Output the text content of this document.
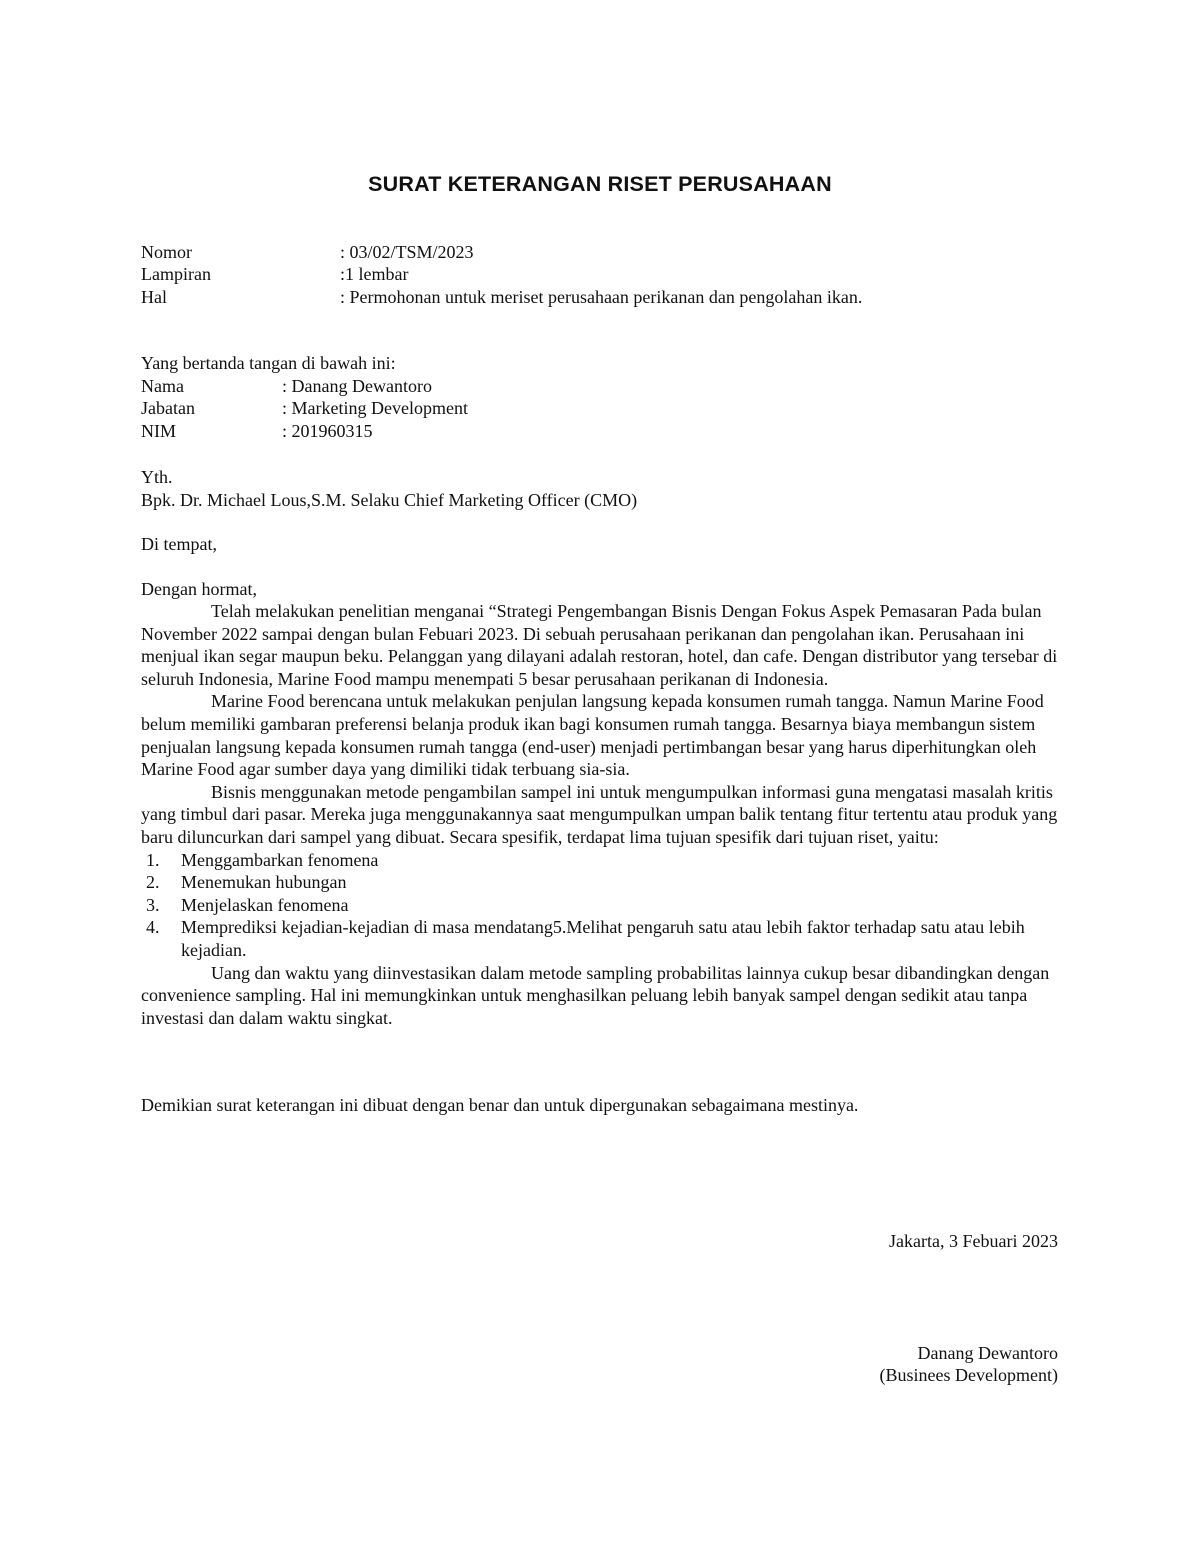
SURAT KETERANGAN RISET PERUSAHAAN
Nomor	: 03/02/TSM/2023
Lampiran	:1 lembar
Hal	: Permohonan untuk meriset perusahaan perikanan dan pengolahan ikan.
Yang bertanda tangan di bawah ini:
Nama	: Danang Dewantoro
Jabatan	: Marketing Development
NIM	: 201960315
Yth.
Bpk. Dr. Michael Lous,S.M. Selaku Chief Marketing Officer (CMO)
Di tempat,
Dengan hormat,

Telah melakukan penelitian menganai “Strategi Pengembangan Bisnis Dengan Fokus Aspek Pemasaran Pada bulan November 2022 sampai dengan bulan Febuari 2023. Di sebuah perusahaan perikanan dan pengolahan ikan. Perusahaan ini menjual ikan segar maupun beku. Pelanggan yang dilayani adalah restoran, hotel, dan cafe. Dengan distributor yang tersebar di seluruh Indonesia, Marine Food mampu menempati 5 besar perusahaan perikanan di Indonesia.

Marine Food berencana untuk melakukan penjulan langsung kepada konsumen rumah tangga. Namun Marine Food belum memiliki gambaran preferensi belanja produk ikan bagi konsumen rumah tangga. Besarnya biaya membangun sistem penjualan langsung kepada konsumen rumah tangga (end-user) menjadi pertimbangan besar yang harus diperhitungkan oleh Marine Food agar sumber daya yang dimiliki tidak terbuang sia-sia.

Bisnis menggunakan metode pengambilan sampel ini untuk mengumpulkan informasi guna mengatasi masalah kritis yang timbul dari pasar. Mereka juga menggunakannya saat mengumpulkan umpan balik tentang fitur tertentu atau produk yang baru diluncurkan dari sampel yang dibuat. Secara spesifik, terdapat lima tujuan spesifik dari tujuan riset, yaitu:

1. Menggambarkan fenomena
2. Menemukan hubungan
3. Menjelaskan fenomena
4. Memprediksi kejadian-kejadian di masa mendatang5.Melihat pengaruh satu atau lebih faktor terhadap satu atau lebih kejadian.

Uang dan waktu yang diinvestasikan dalam metode sampling probabilitas lainnya cukup besar dibandingkan dengan convenience sampling. Hal ini memungkinkan untuk menghasilkan peluang lebih banyak sampel dengan sedikit atau tanpa investasi dan dalam waktu singkat.

Demikian surat keterangan ini dibuat dengan benar dan untuk dipergunakan sebagaimana mestinya.
Jakarta, 3 Febuari 2023
Danang Dewantoro
(Businees Development)
